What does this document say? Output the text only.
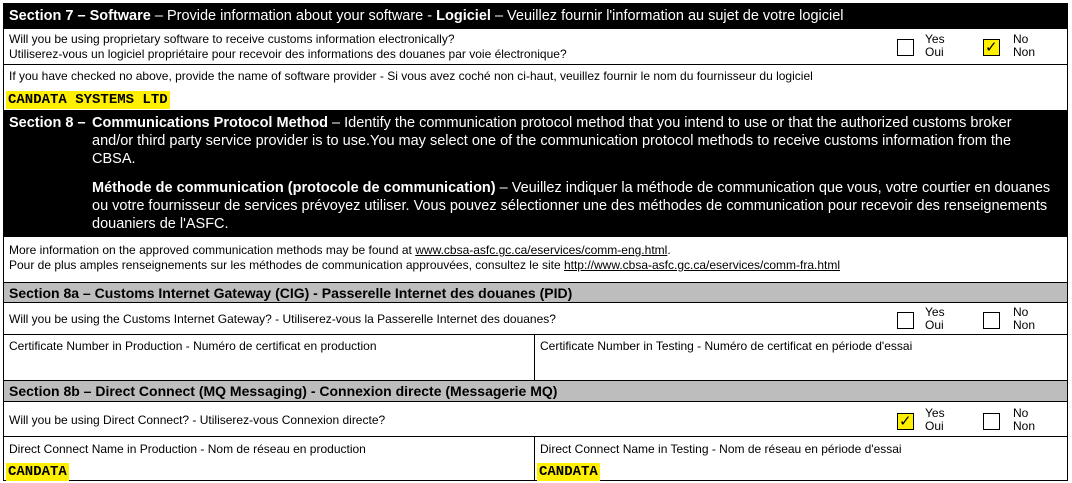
Section 7 – Software – Provide information about your software - Logiciel – Veuillez fournir l'information au sujet de votre logiciel
Will you be using proprietary software to receive customs information electronically?
Utiliserez-vous un logiciel propriétaire pour recevoir des informations des douanes par voie électronique?
Yes
Oui	✓ No
Non
If you have checked no above, provide the name of software provider - Si vous avez coché non ci-haut, veuillez fournir le nom du fournisseur du logiciel
CANDATA SYSTEMS LTD
Section 8 – Communications Protocol Method – Identify the communication protocol method that you intend to use or that the authorized customs broker and/or third party service provider is to use.You may select one of the communication protocol methods to receive customs information from the CBSA.
Méthode de communication (protocole de communication) – Veuillez indiquer la méthode de communication que vous, votre courtier en douanes ou votre fournisseur de services prévoyez utiliser. Vous pouvez sélectionner une des méthodes de communication pour recevoir des renseignements douaniers de l'ASFC.
More information on the approved communication methods may be found at www.cbsa-asfc.gc.ca/eservices/comm-eng.html.
Pour de plus amples renseignements sur les méthodes de communication approuvées, consultez le site http://www.cbsa-asfc.gc.ca/eservices/comm-fra.html
Section 8a – Customs Internet Gateway (CIG) - Passerelle Internet des douanes (PID)
Will you be using the Customs Internet Gateway? - Utiliserez-vous la Passerelle Internet des douanes?	Yes
Oui
No
Non
Certificate Number in Production - Numéro de certificat en production	Certificate Number in Testing - Numéro de certificat en période d'essai
Section 8b – Direct Connect (MQ Messaging) - Connexion directe (Messagerie MQ)
Will you be using Direct Connect? - Utiliserez-vous Connexion directe?	✓ Yes
Oui
No
Non
Direct Connect Name in Production - Nom de réseau en production
CANDATA
Direct Connect Name in Testing - Nom de réseau en période d'essai
CANDATA
